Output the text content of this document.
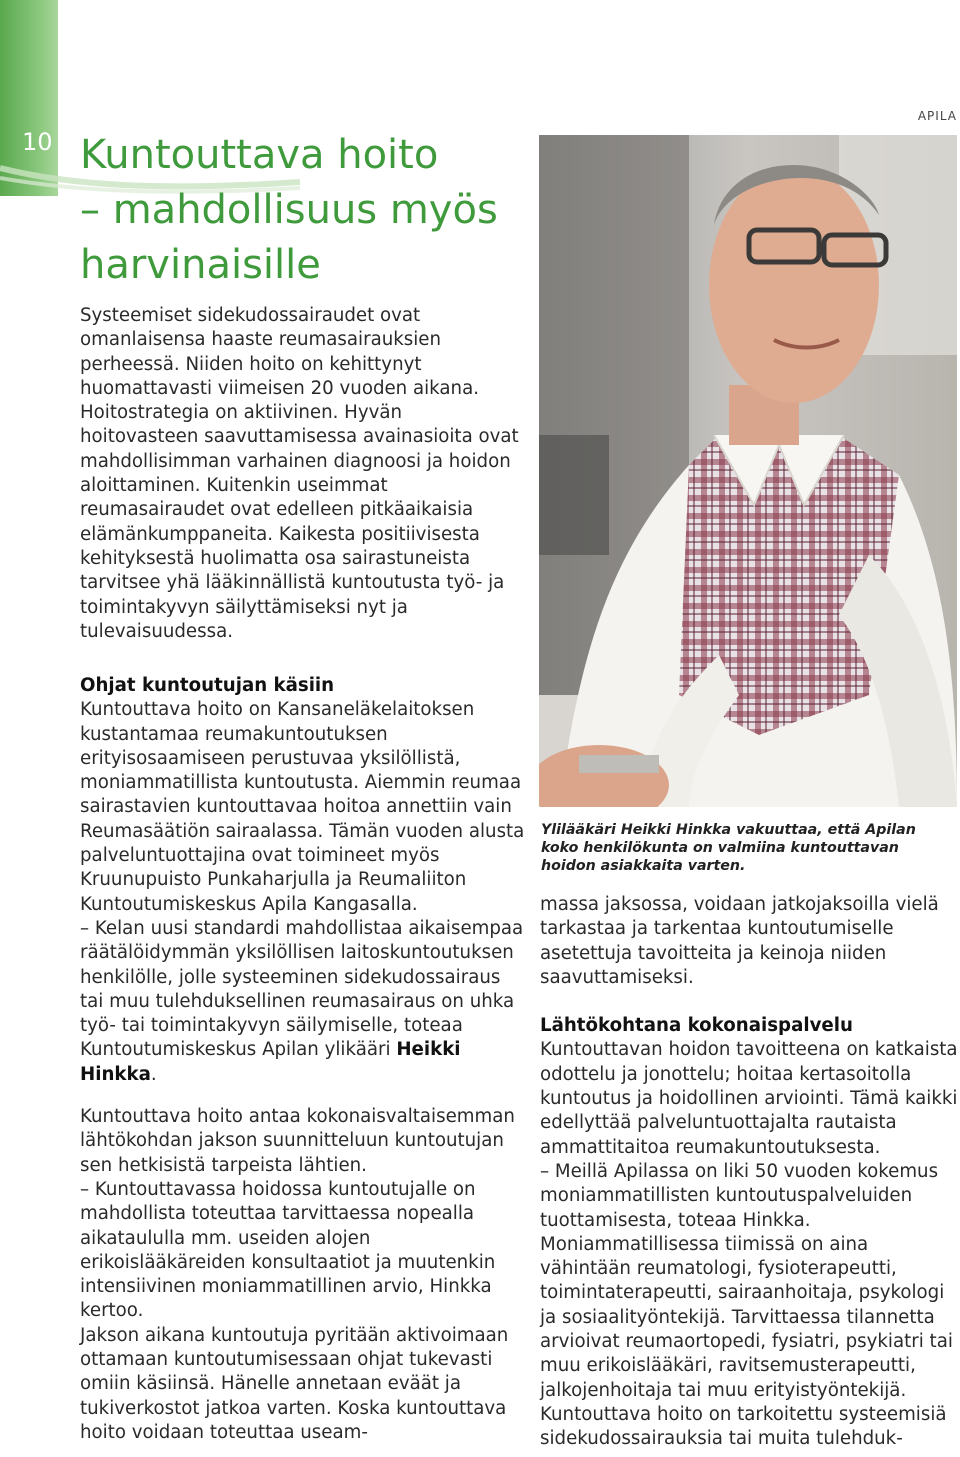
10 Kuntouttava hoito
– mahdollisuus myös
harvinaisille

Systeemiset sidekudossairaudet ovat omanlaisensa haaste reumasairauksien perheessä. Niiden hoito on kehittynyt huomattavasti viimeisen 20 vuoden aikana. Hoitostrategia on aktiivinen. Hyvän hoitovasteen saavuttamisessa avainasioita ovat mahdollisimman varhainen diagnoosi ja hoidon aloittaminen. Kuitenkin useimmat reumasairaudet ovat edelleen pitkäaikaisia elämänkumppaneita. Kaikesta positiivisesta kehityksestä huolimatta osa sairastuneista tarvitsee yhä lääkinnällistä kuntoutusta työ- ja toimintakyvyn säilyttämiseksi nyt ja tulevaisuudessa.

Ohjat kuntoutujan käsiin

Kuntouttava hoito on Kansaneläkelaitoksen kustantamaa reumakuntoutuksen erityisosaamiseen perustuvaa yksilöllistä, moniammatillista kuntoutusta. Aiemmin reumaa sairastavien kuntouttavaa hoitoa annettiin vain Reumasäätiön sairaalassa. Tämän vuoden alusta palveluntuottajina ovat toimineet myös Kruunupuisto Punkaharjulla ja Reumaliiton Kuntoutumiskeskus Apila Kangasalla.

– Kelan uusi standardi mahdollistaa aikaisempaa räätälöidymmän yksilöllisen laitoskuntoutuksen henkilölle, jolle systeeminen sidekudossairaus tai muu tulehduksellinen reumasairaus on uhka työ- tai toimintakyvyn säilymiselle, toteaa Kuntoutumiskeskus Apilan ylikääri Heikki Hinkka.

Kuntouttava hoito antaa kokonaisvaltaisemman lähtökohdan jakson suunnitteluun kuntoutujan sen hetkisistä tarpeista lähtien.

– Kuntouttavassa hoidossa kuntoutujalle on mahdollista toteuttaa tarvittaessa nopealla aikataululla mm. useiden alojen erikoislääkäreiden konsultaatiot ja muutenkin intensiivinen moniammatillinen arvio, Hinkka kertoo.

Jakson aikana kuntoutuja pyritään aktivoimaan ottamaan kuntoutumisessaan ohjat tukevasti omiin käsiinsä. Hänelle annetaan eväät ja tukiverkostot jatkoa varten. Koska kuntouttava hoito voidaan toteuttaa useam-

APILA

Ylilääkäri Heikki Hinkka vakuuttaa, että Apilan koko henkilökunta on valmiina kuntouttavan hoidon asiakkaita varten.

massa jaksossa, voidaan jatkojaksoilla vielä tarkastaa ja tarkentaa kuntoutumiselle asetettuja tavoitteita ja keinoja niiden saavuttamiseksi.

Lähtökohtana kokonaispalvelu

Kuntouttavan hoidon tavoitteena on katkaista odottelu ja jonottelu; hoitaa kertasoitolla kuntoutus ja hoidollinen arviointi. Tämä kaikki edellyttää palveluntuottajalta rautaista ammattitaitoa reumakuntoutuksesta.

– Meillä Apilassa on liki 50 vuoden kokemus moniammatillisten kuntoutuspalveluiden tuottamisesta, toteaa Hinkka.

Moniammatillisessa tiimissä on aina vähintään reumatologi, fysioterapeutti, toimintaterapeutti, sairaanhoitaja, psykologi ja sosiaalityöntekijä. Tarvittaessa tilannetta arvioivat reumaortopedi, fysiatri, psykiatri tai muu erikoislääkäri, ravitsemusterapeutti, jalkojenhoitaja tai muu erityistyöntekijä.

Kuntouttava hoito on tarkoitettu systeemisiä sidekudossairauksia tai muita tulehduk-
